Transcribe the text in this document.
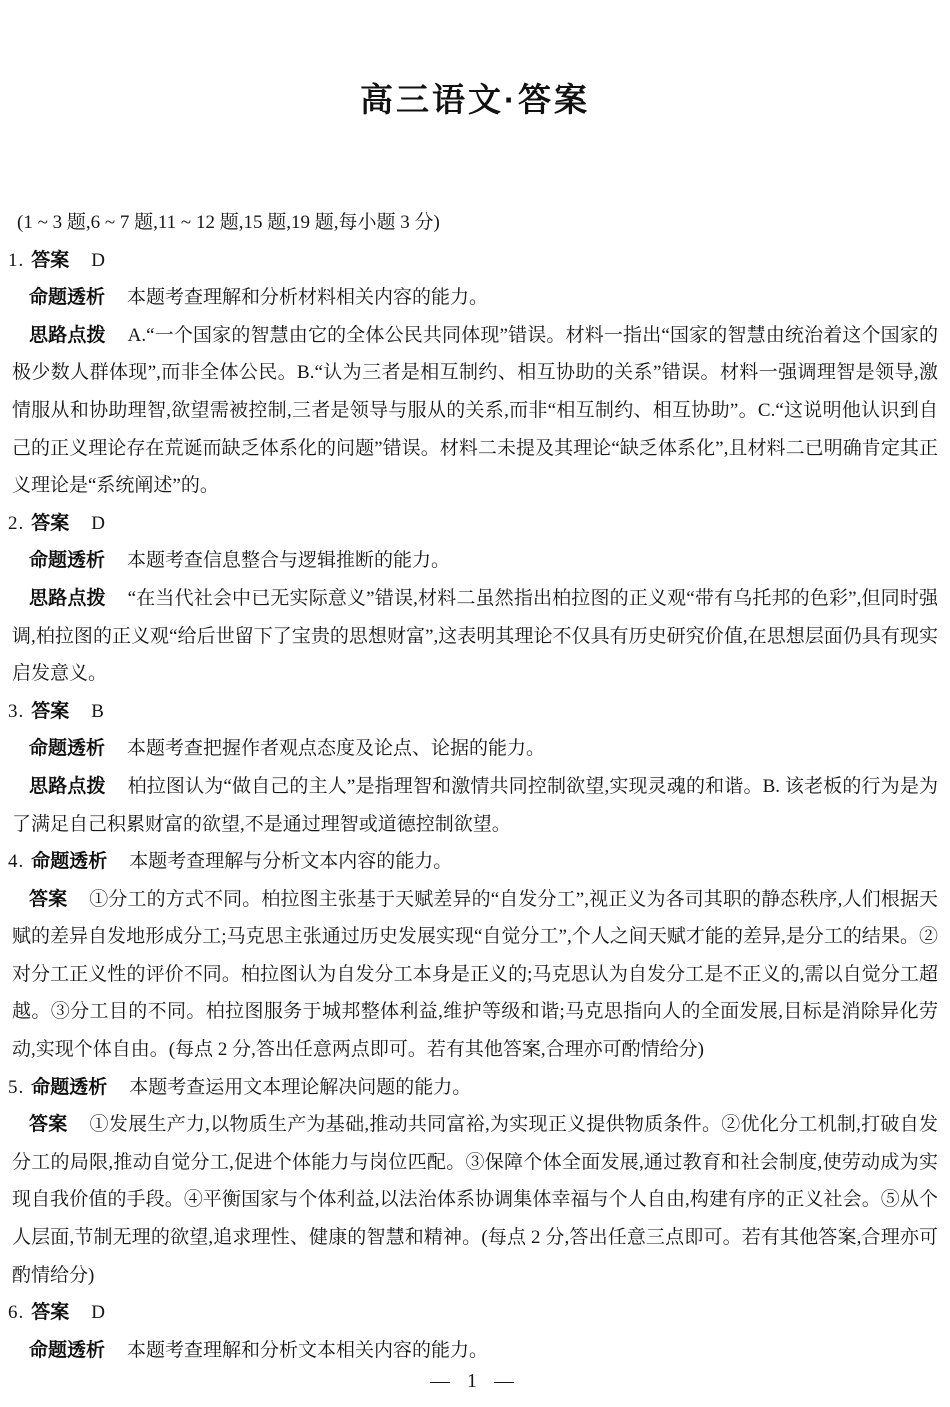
高三语文·答案

(1 ~ 3 题,6 ~ 7 题,11 ~ 12 题,15 题,19 题,每小题 3 分)

1. 答案 D

命题透析 本题考查理解和分析材料相关内容的能力。

思路点拨 A.“一个国家的智慧由它的全体公民共同体现”错误。材料一指出“国家的智慧由统治着这个国家的极少数人群体现”,而非全体公民。B.“认为三者是相互制约、相互协助的关系”错误。材料一强调理智是领导,激情服从和协助理智,欲望需被控制,三者是领导与服从的关系,而非“相互制约、相互协助”。C.“这说明他认识到自己的正义理论存在荒诞而缺乏体系化的问题”错误。材料二未提及其理论“缺乏体系化”,且材料二已明确肯定其正义理论是“系统阐述”的。

2. 答案 D

命题透析 本题考查信息整合与逻辑推断的能力。

思路点拨 “在当代社会中已无实际意义”错误,材料二虽然指出柏拉图的正义观“带有乌托邦的色彩”,但同时强调,柏拉图的正义观“给后世留下了宝贵的思想财富”,这表明其理论不仅具有历史研究价值,在思想层面仍具有现实启发意义。

3. 答案 B

命题透析 本题考查把握作者观点态度及论点、论据的能力。

思路点拨 柏拉图认为“做自己的主人”是指理智和激情共同控制欲望,实现灵魂的和谐。B. 该老板的行为是为了满足自己积累财富的欲望,不是通过理智或道德控制欲望。

4. 命题透析 本题考查理解与分析文本内容的能力。

答案 ①分工的方式不同。柏拉图主张基于天赋差异的“自发分工”,视正义为各司其职的静态秩序,人们根据天赋的差异自发地形成分工;马克思主张通过历史发展实现“自觉分工”,个人之间天赋才能的差异,是分工的结果。②对分工正义性的评价不同。柏拉图认为自发分工本身是正义的;马克思认为自发分工是不正义的,需以自觉分工超越。③分工目的不同。柏拉图服务于城邦整体利益,维护等级和谐;马克思指向人的全面发展,目标是消除异化劳动,实现个体自由。(每点 2 分,答出任意两点即可。若有其他答案,合理亦可酌情给分)

5. 命题透析 本题考查运用文本理论解决问题的能力。

答案 ①发展生产力,以物质生产为基础,推动共同富裕,为实现正义提供物质条件。②优化分工机制,打破自发分工的局限,推动自觉分工,促进个体能力与岗位匹配。③保障个体全面发展,通过教育和社会制度,使劳动成为实现自我价值的手段。④平衡国家与个体利益,以法治体系协调集体幸福与个人自由,构建有序的正义社会。⑤从个人层面,节制无理的欲望,追求理性、健康的智慧和精神。(每点 2 分,答出任意三点即可。若有其他答案,合理亦可酌情给分)

6. 答案 D

命题透析 本题考查理解和分析文本相关内容的能力。

— 1 —
